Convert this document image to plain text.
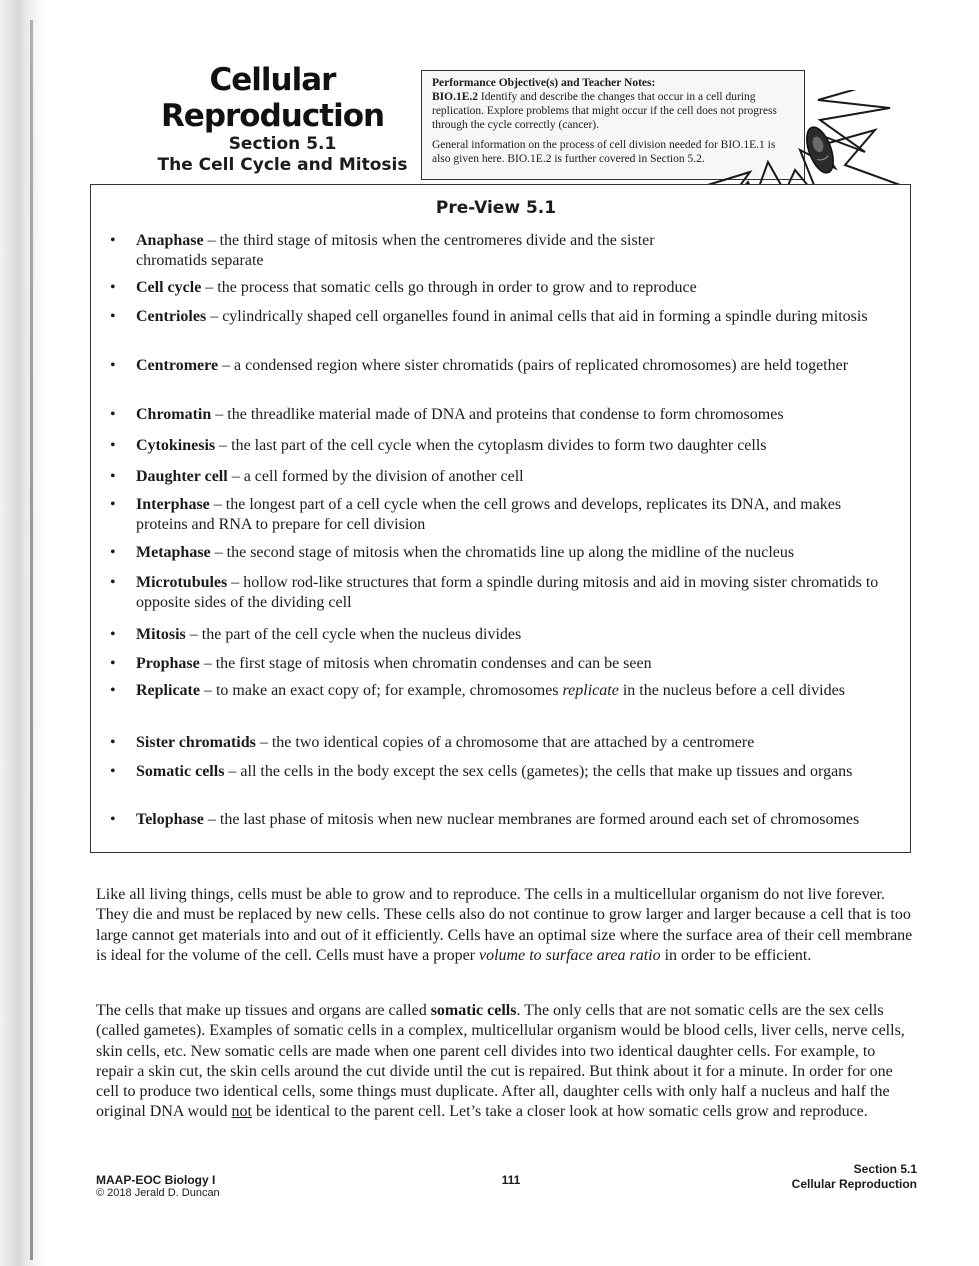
Cellular Reproduction
Section 5.1
The Cell Cycle and Mitosis

Performance Objective(s) and Teacher Notes:

BIO.1E.2 Identify and describe the changes that occur in a cell during replication. Explore problems that might occur if the cell does not progress through the cycle correctly (cancer).

General information on the process of cell division needed for BIO.1E.1 is also given here. BIO.1E.2 is further covered in Section 5.2.

Pre-View 5.1
• Anaphase – the third stage of mitosis when the centromeres divide and the sister chromatids separate
• Cell cycle – the process that somatic cells go through in order to grow and to reproduce
• Centrioles – cylindrically shaped cell organelles found in animal cells that aid in forming a spindle during mitosis
• Centromere – a condensed region where sister chromatids (pairs of replicated chromosomes) are held together
• Chromatin – the threadlike material made of DNA and proteins that condense to form chromosomes
• Cytokinesis – the last part of the cell cycle when the cytoplasm divides to form two daughter cells
• Daughter cell – a cell formed by the division of another cell
• Interphase – the longest part of a cell cycle when the cell grows and develops, replicates its DNA, and makes proteins and RNA to prepare for cell division
• Metaphase – the second stage of mitosis when the chromatids line up along the midline of the nucleus
• Microtubules – hollow rod-like structures that form a spindle during mitosis and aid in moving sister chromatids to opposite sides of the dividing cell
• Mitosis – the part of the cell cycle when the nucleus divides
• Prophase – the first stage of mitosis when chromatin condenses and can be seen
• Replicate – to make an exact copy of; for example, chromosomes replicate in the nucleus before a cell divides
• Sister chromatids – the two identical copies of a chromosome that are attached by a centromere
• Somatic cells – all the cells in the body except the sex cells (gametes); the cells that make up tissues and organs
• Telophase – the last phase of mitosis when new nuclear membranes are formed around each set of chromosomes

Like all living things, cells must be able to grow and to reproduce. The cells in a multicellular organism do not live forever. They die and must be replaced by new cells. These cells also do not continue to grow larger and larger because a cell that is too large cannot get materials into and out of it efficiently. Cells have an optimal size where the surface area of their cell membrane is ideal for the volume of the cell. Cells must have a proper volume to surface area ratio in order to be efficient.

The cells that make up tissues and organs are called somatic cells. The only cells that are not somatic cells are the sex cells (called gametes). Examples of somatic cells in a complex, multicellular organism would be blood cells, liver cells, nerve cells, skin cells, etc. New somatic cells are made when one parent cell divides into two identical daughter cells. For example, to repair a skin cut, the skin cells around the cut divide until the cut is repaired. But think about it for a minute. In order for one cell to produce two identical cells, some things must duplicate. After all, daughter cells with only half a nucleus and half the original DNA would not be identical to the parent cell. Let’s take a closer look at how somatic cells grow and reproduce.

MAAP-EOC Biology I
© 2018 Jerald D. Duncan
111
Section 5.1
Cellular Reproduction
